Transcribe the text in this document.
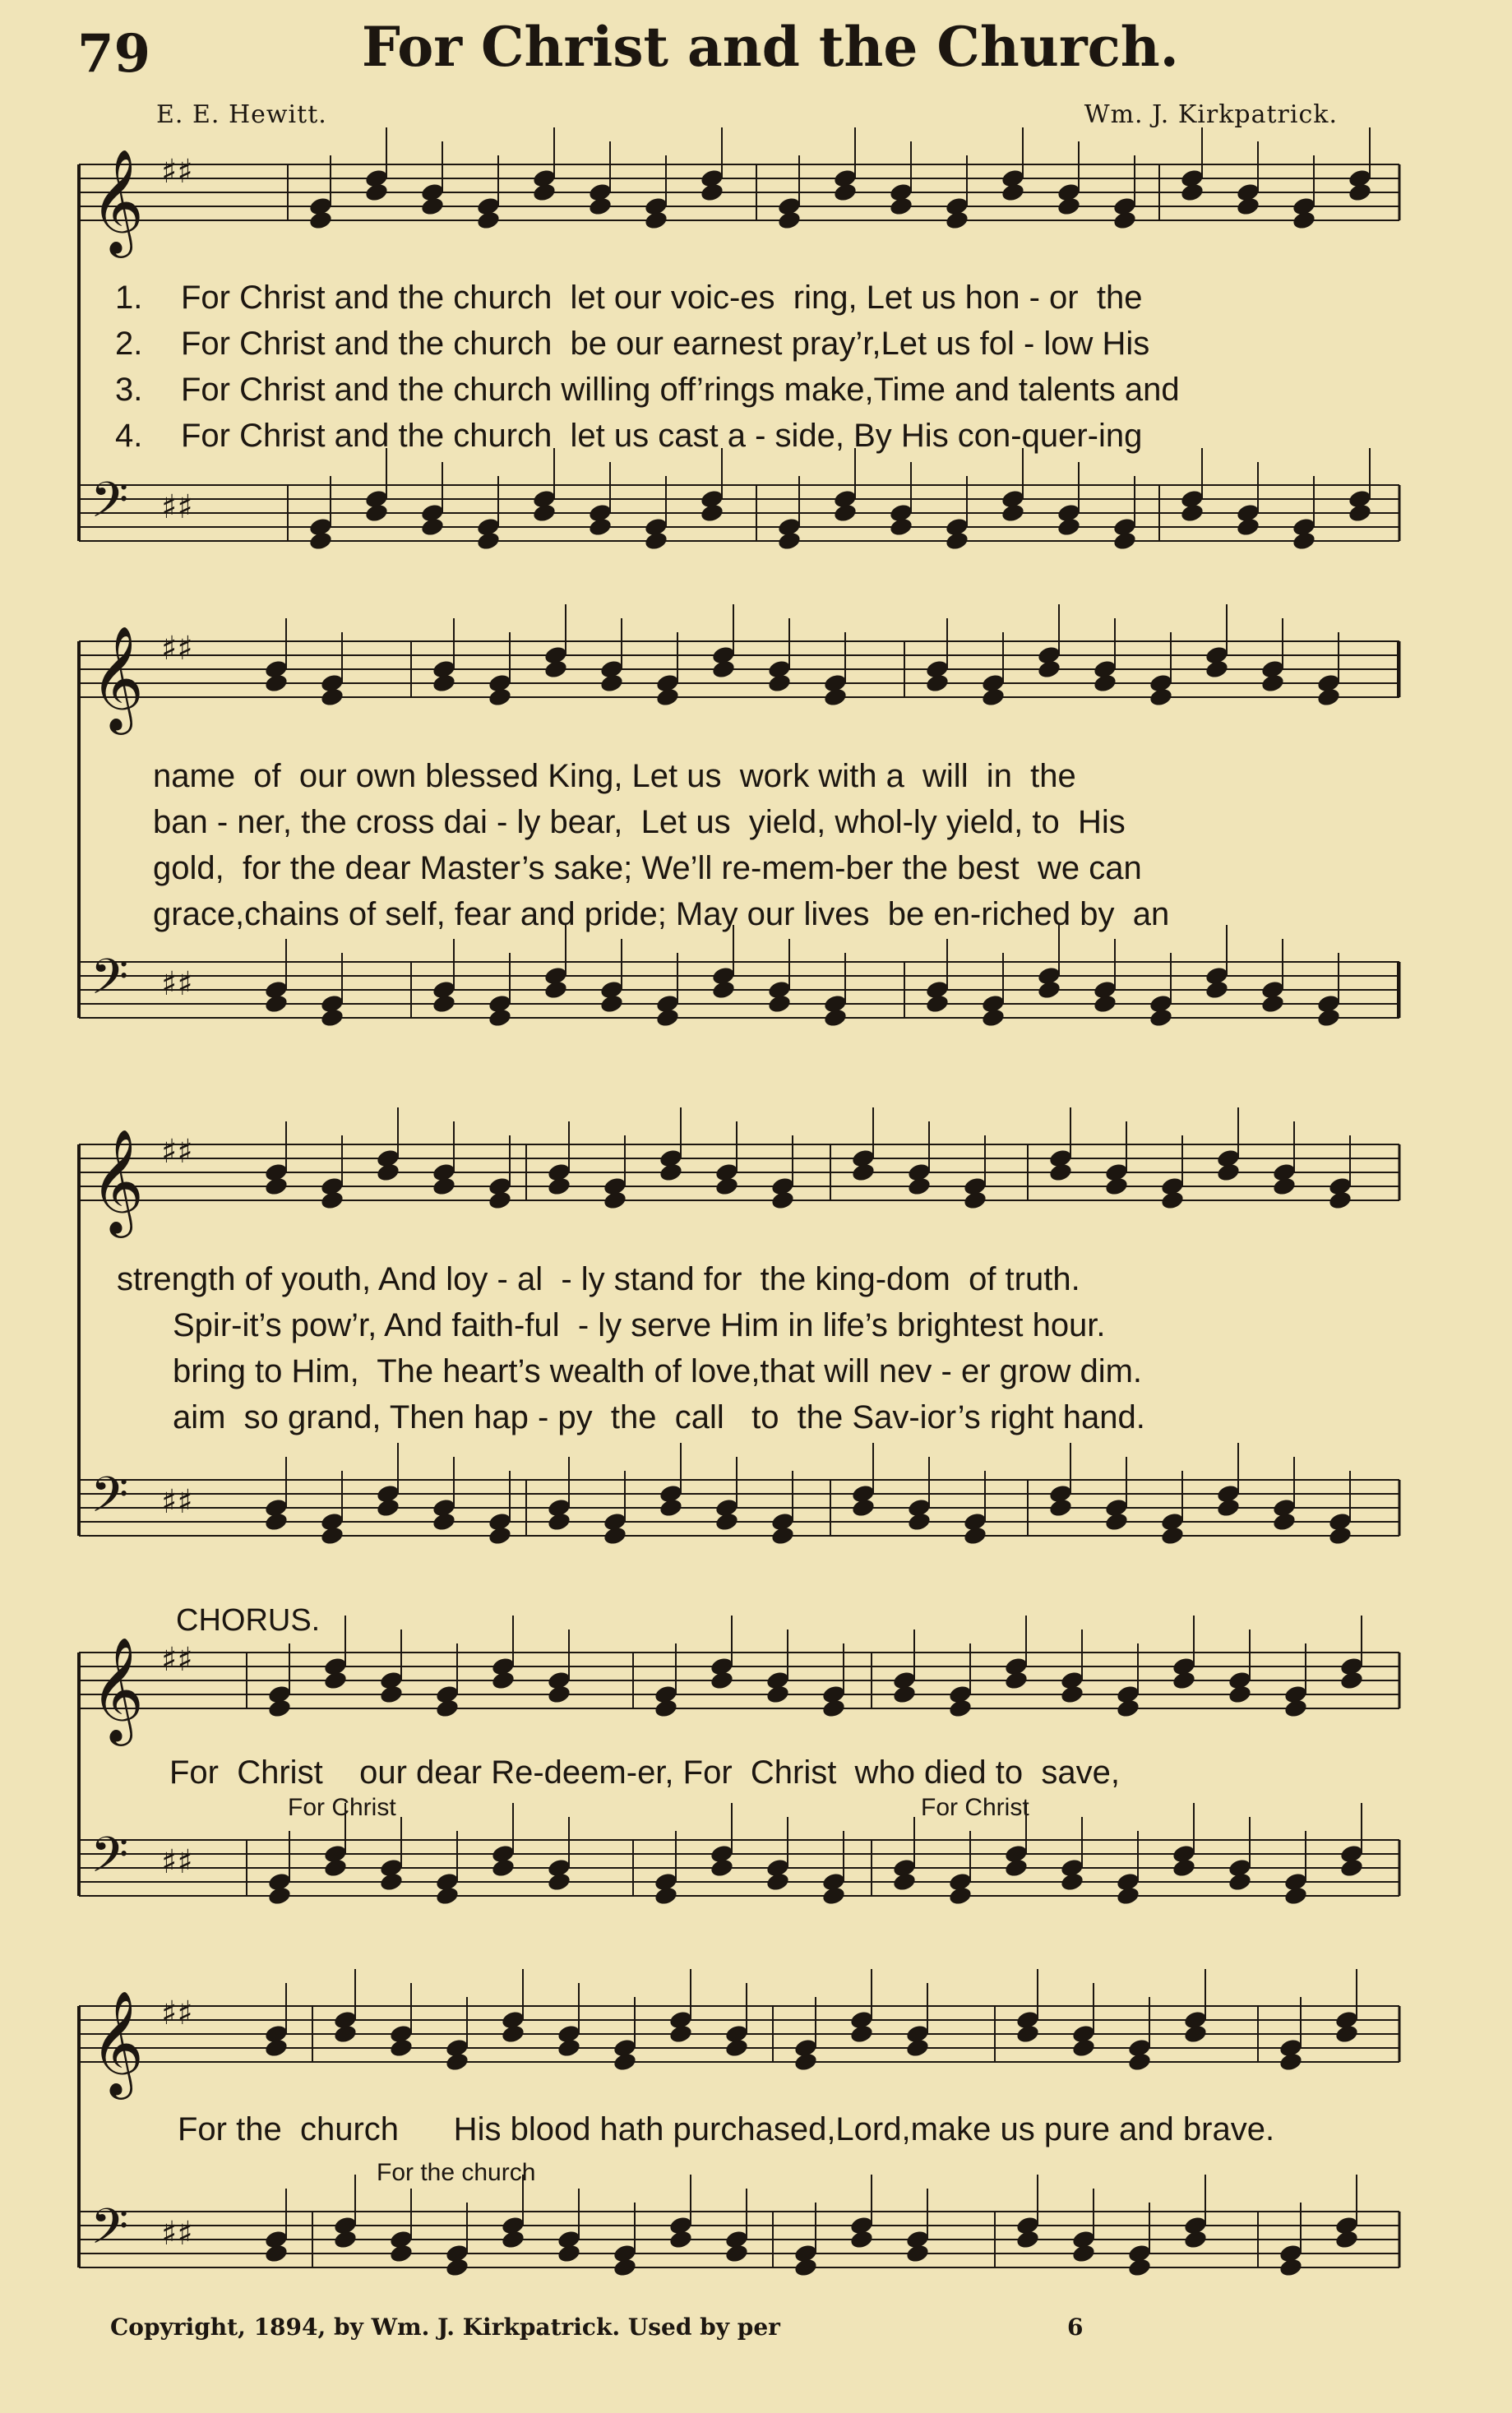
79	For Christ and the Church.
E. E. Hewitt.	Wm. J. Kirkpatrick.
𝄞 ♯♯
𝄢 ♯♯
𝄞 ♯♯
𝄢 ♯♯
𝄞 ♯♯
𝄢 ♯♯
𝄞 ♯♯
𝄢 ♯♯
𝄞 ♯♯
𝄢 ♯♯
1. For Christ and the church  let our voic-es  ring, Let us hon - or  the
2. For Christ and the church  be our earnest pray’r,Let us fol - low His
3. For Christ and the church willing off’rings make,Time and talents and
4. For Christ and the church  let us cast a - side, By His con-quer-ing
name  of  our own blessed King, Let us  work with a  will  in  the
ban - ner, the cross dai - ly bear,  Let us  yield, whol-ly yield, to  His
gold,  for the dear Master’s sake; We’ll re-mem-ber the best  we can
grace,chains of self, fear and pride; May our lives  be en-riched by  an
strength of youth, And loy - al  - ly stand for  the king-dom  of truth.
Spir-it’s pow’r, And faith-ful  - ly serve Him in life’s brightest hour.
bring to Him,  The heart’s wealth of love,that will nev - er grow dim.
aim  so grand, Then hap - py  the  call   to  the Sav-ior’s right hand.
CHORUS.
For  Christ    our dear Re-deem-er, For  Christ  who died to  save,
For Christ	For Christ
For the  church      His blood hath purchased,Lord,make us pure and brave.
For the church
Copyright, 1894, by Wm. J. Kirkpatrick. Used by per	6
